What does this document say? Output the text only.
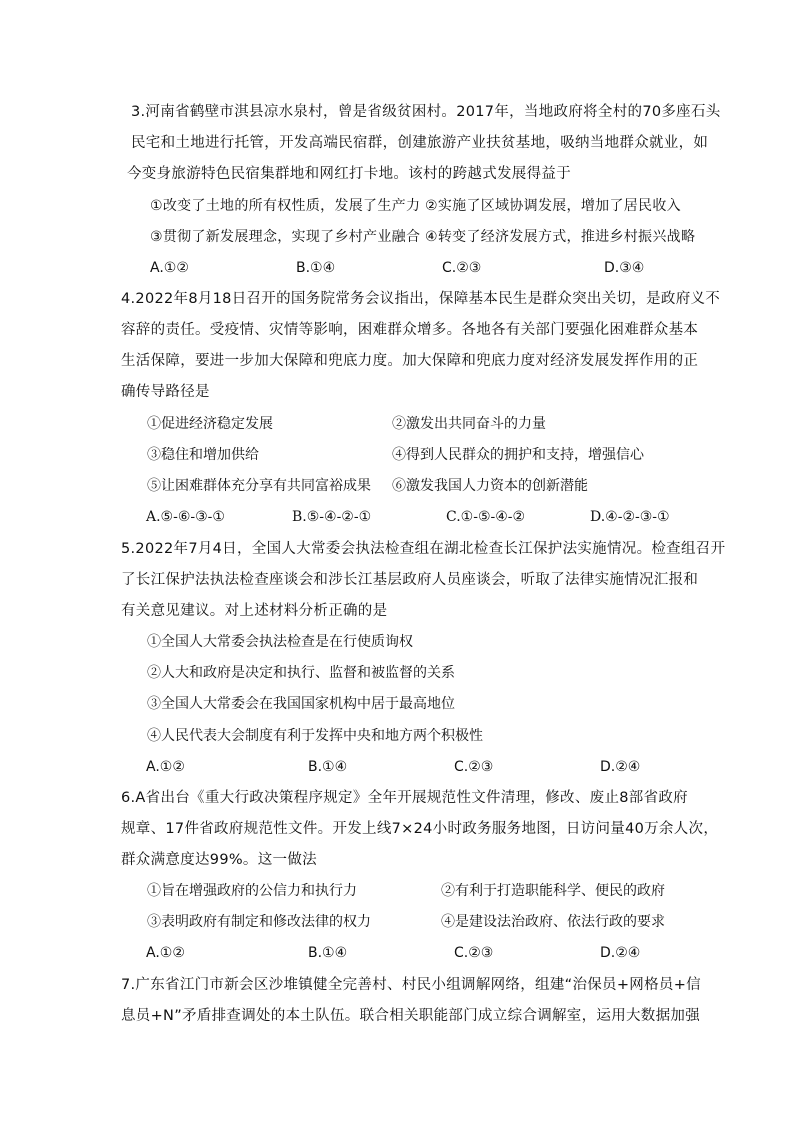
3.河南省鹤壁市淇县凉水泉村，曾是省级贫困村。2017年，当地政府将全村的70多座石头
民宅和土地进行托管，开发高端民宿群，创建旅游产业扶贫基地，吸纳当地群众就业，如
今变身旅游特色民宿集群地和网红打卡地。该村的跨越式发展得益于
①改变了土地的所有权性质，发展了生产力 ②实施了区域协调发展，增加了居民收入
③贯彻了新发展理念，实现了乡村产业融合 ④转变了经济发展方式，推进乡村振兴战略
A.①②	B.①④	C.②③	D.③④
4.2022年8月18日召开的国务院常务会议指出，保障基本民生是群众突出关切，是政府义不
容辞的责任。受疫情、灾情等影响，困难群众增多。各地各有关部门要强化困难群众基本
生活保障，要进一步加大保障和兜底力度。加大保障和兜底力度对经济发展发挥作用的正
确传导路径是
①促进经济稳定发展	②激发出共同奋斗的力量
③稳住和增加供给	④得到人民群众的拥护和支持，增强信心
⑤让困难群体充分享有共同富裕成果 ⑥激发我国人力资本的创新潜能
A.⑤-⑥-③-①	B.⑤-④-②-①	C.①-⑤-④-②	D.④-②-③-①
5.2022年7月4日，全国人大常委会执法检查组在湖北检查长江保护法实施情况。检查组召开
了长江保护法执法检查座谈会和涉长江基层政府人员座谈会，听取了法律实施情况汇报和
有关意见建议。对上述材料分析正确的是
①全国人大常委会执法检查是在行使质询权
②人大和政府是决定和执行、监督和被监督的关系
③全国人大常委会在我国国家机构中居于最高地位
④人民代表大会制度有利于发挥中央和地方两个积极性
A.①②	B.①④	C.②③	D.②④
6.A省出台《重大行政决策程序规定》全年开展规范性文件清理，修改、废止8部省政府
规章、17件省政府规范性文件。开发上线7×24小时政务服务地图，日访问量40万余人次，
群众满意度达99%。这一做法
①旨在增强政府的公信力和执行力	②有利于打造职能科学、便民的政府
③表明政府有制定和修改法律的权力	④是建设法治政府、依法行政的要求
A.①②	B.①④	C.②③	D.②④
7.广东省江门市新会区沙堆镇健全完善村、村民小组调解网络，组建“治保员+网格员+信
息员+N”矛盾排查调处的本土队伍。联合相关职能部门成立综合调解室，运用大数据加强
